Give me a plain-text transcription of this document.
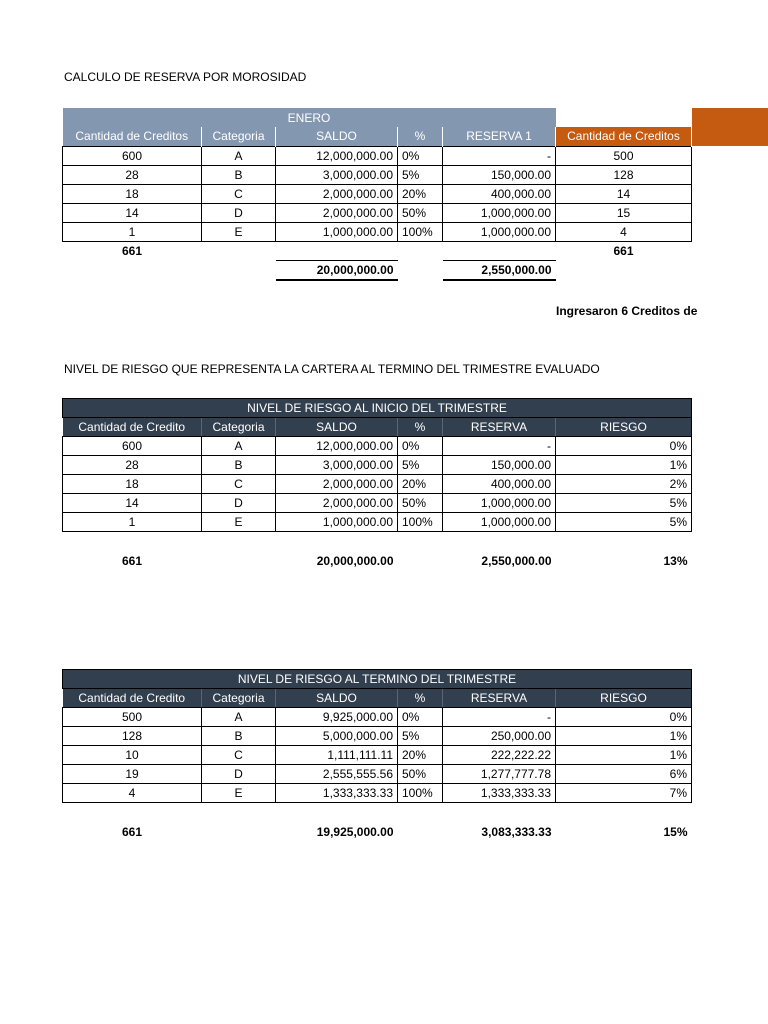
CALCULO DE RESERVA POR MOROSIDAD
ENERO					
Cantidad de Creditos	Categoria	SALDO	%	RESERVA 1	Cantidad de Creditos
600	A	12,000,000.00	0%	-	500
28	B	3,000,000.00	5%	150,000.00	128
18	C	2,000,000.00	20%	400,000.00	14
14	D	2,000,000.00	50%	1,000,000.00	15
1	E	1,000,000.00	100%	1,000,000.00	4
661					661
		20,000,000.00		2,550,000.00	
Ingresaron 6 Creditos de
NIVEL DE RIESGO QUE REPRESENTA LA CARTERA AL TERMINO DEL TRIMESTRE EVALUADO
NIVEL DE RIESGO AL INICIO DEL TRIMESTRE					
Cantidad de Credito	Categoria	SALDO	%	RESERVA	RIESGO
600	A	12,000,000.00	0%	-	0%
28	B	3,000,000.00	5%	150,000.00	1%
18	C	2,000,000.00	20%	400,000.00	2%
14	D	2,000,000.00	50%	1,000,000.00	5%
1	E	1,000,000.00	100%	1,000,000.00	5%

661		20,000,000.00		2,550,000.00	13%
NIVEL DE RIESGO AL TERMINO DEL TRIMESTRE					
Cantidad de Credito	Categoria	SALDO	%	RESERVA	RIESGO
500	A	9,925,000.00	0%	-	0%
128	B	5,000,000.00	5%	250,000.00	1%
10	C	1,111,111.11	20%	222,222.22	1%
19	D	2,555,555.56	50%	1,277,777.78	6%
4	E	1,333,333.33	100%	1,333,333.33	7%

661		19,925,000.00		3,083,333.33	15%
